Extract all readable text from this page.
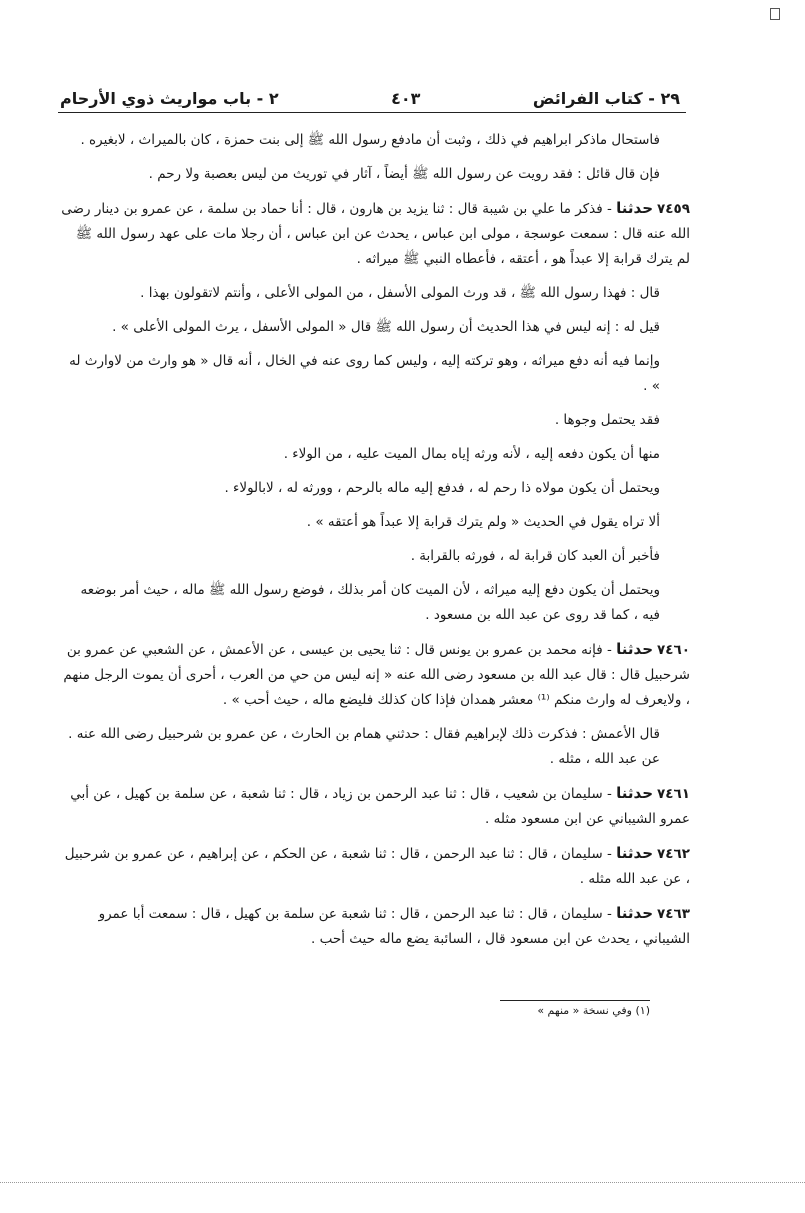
٢٩ - كتاب الفرائض
٤٠٣
٢ - باب مواريث ذوي الأرحام

فاستحال ماذكر ابراهيم في ذلك ، وثبت أن مادفع رسول الله ﷺ إلى بنت حمزة ، كان بالميراث ، لابغيره .

فإن قال قائل : فقد رويت عن رسول الله ﷺ أيضاً ، آثار في توريث من ليس بعصبة ولا رحم .

٧٤٥٩حدثنا - فذكر ما علي بن شيبة قال : ثنا يزيد بن هارون ، قال : أنا حماد بن سلمة ، عن عمرو بن دينار رضى الله عنه قال : سمعت عوسجة ، مولى ابن عباس ، يحدث عن ابن عباس ، أن رجلا مات على عهد رسول الله ﷺ لم يترك قرابة إلا عبداً هو ، أعتقه ، فأعطاه النبي ﷺ ميراثه .

قال : فهذا رسول الله ﷺ ، قد ورث المولى الأسفل ، من المولى الأعلى ، وأنتم لاتقولون بهذا .

قيل له : إنه ليس في هذا الحديث أن رسول الله ﷺ قال « المولى الأسفل ، يرث المولى الأعلى » .

وإنما فيه أنه دفع ميراثه ، وهو تركته إليه ، وليس كما روى عنه في الخال ، أنه قال « هو وارث من لاوارث له » .

فقد يحتمل وجوها .

منها أن يكون دفعه إليه ، لأنه ورثه إياه بمال الميت عليه ، من الولاء .

ويحتمل أن يكون مولاه ذا رحم له ، فدفع إليه ماله بالرحم ، وورثه له ، لابالولاء .

ألا تراه يقول في الحديث « ولم يترك قرابة إلا عبداً هو أعتقه » .

فأخبر أن العبد كان قرابة له ، فورثه بالقرابة .

ويحتمل أن يكون دفع إليه ميراثه ، لأن الميت كان أمر بذلك ، فوضع رسول الله ﷺ ماله ، حيث أمر بوضعه فيه ، كما قد روى عن عبد الله بن مسعود .

٧٤٦٠حدثنا - فإنه محمد بن عمرو بن يونس قال : ثنا يحيى بن عيسى ، عن الأعمش ، عن الشعبي عن عمرو بن شرحبيل قال : قال عبد الله بن مسعود رضى الله عنه « إنه ليس من حي من العرب ، أحرى أن يموت الرجل منهم ، ولايعرف له وارث منكم ⁽¹⁾ معشر همدان فإذا كان كذلك فليضع ماله ، حيث أحب » .

قال الأعمش : فذكرت ذلك لإبراهيم فقال : حدثني همام بن الحارث ، عن عمرو بن شرحبيل رضى الله عنه . عن عبد الله ، مثله .

٧٤٦١حدثنا - سليمان بن شعيب ، قال : ثنا عبد الرحمن بن زياد ، قال : ثنا شعبة ، عن سلمة بن كهيل ، عن أبي عمرو الشيباني عن ابن مسعود مثله .

٧٤٦٢حدثنا - سليمان ، قال : ثنا عبد الرحمن ، قال : ثنا شعبة ، عن الحكم ، عن إبراهيم ، عن عمرو بن شرحبيل ، عن عبد الله مثله .

٧٤٦٣حدثنا - سليمان ، قال : ثنا عبد الرحمن ، قال : ثنا شعبة عن سلمة بن كهيل ، قال : سمعت أبا عمرو الشيباني ، يحدث عن ابن مسعود قال ، السائبة يضع ماله حيث أحب .

(١) وفي نسخة « منهم »
